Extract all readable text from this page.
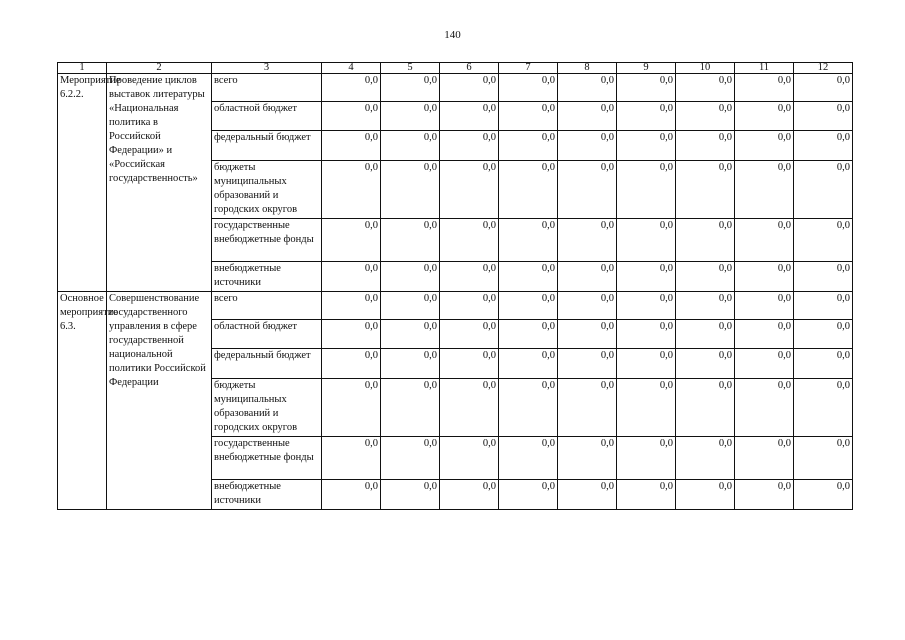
140
1	2	3	4	5	6	7	8	9	10	11	12
Мероприятие 6.2.2.	Проведение циклов выставок литературы «Национальная политика в Российской Федерации» и «Российская государственность»	всего	0,0	0,0	0,0	0,0	0,0	0,0	0,0	0,0	0,0
		областной бюджет	0,0	0,0	0,0	0,0	0,0	0,0	0,0	0,0	0,0
		федеральный бюджет	0,0	0,0	0,0	0,0	0,0	0,0	0,0	0,0	0,0
		бюджеты муниципальных образований и городских округов	0,0	0,0	0,0	0,0	0,0	0,0	0,0	0,0	0,0
		государственные внебюджетные фонды	0,0	0,0	0,0	0,0	0,0	0,0	0,0	0,0	0,0
		внебюджетные источники	0,0	0,0	0,0	0,0	0,0	0,0	0,0	0,0	0,0
Основное мероприятие 6.3.	Совершенствование государственного управления в сфере государственной национальной политики Российской Федерации	всего	0,0	0,0	0,0	0,0	0,0	0,0	0,0	0,0	0,0
		областной бюджет	0,0	0,0	0,0	0,0	0,0	0,0	0,0	0,0	0,0
		федеральный бюджет	0,0	0,0	0,0	0,0	0,0	0,0	0,0	0,0	0,0
		бюджеты муниципальных образований и городских округов	0,0	0,0	0,0	0,0	0,0	0,0	0,0	0,0	0,0
		государственные внебюджетные фонды	0,0	0,0	0,0	0,0	0,0	0,0	0,0	0,0	0,0
		внебюджетные источники	0,0	0,0	0,0	0,0	0,0	0,0	0,0	0,0	0,0
